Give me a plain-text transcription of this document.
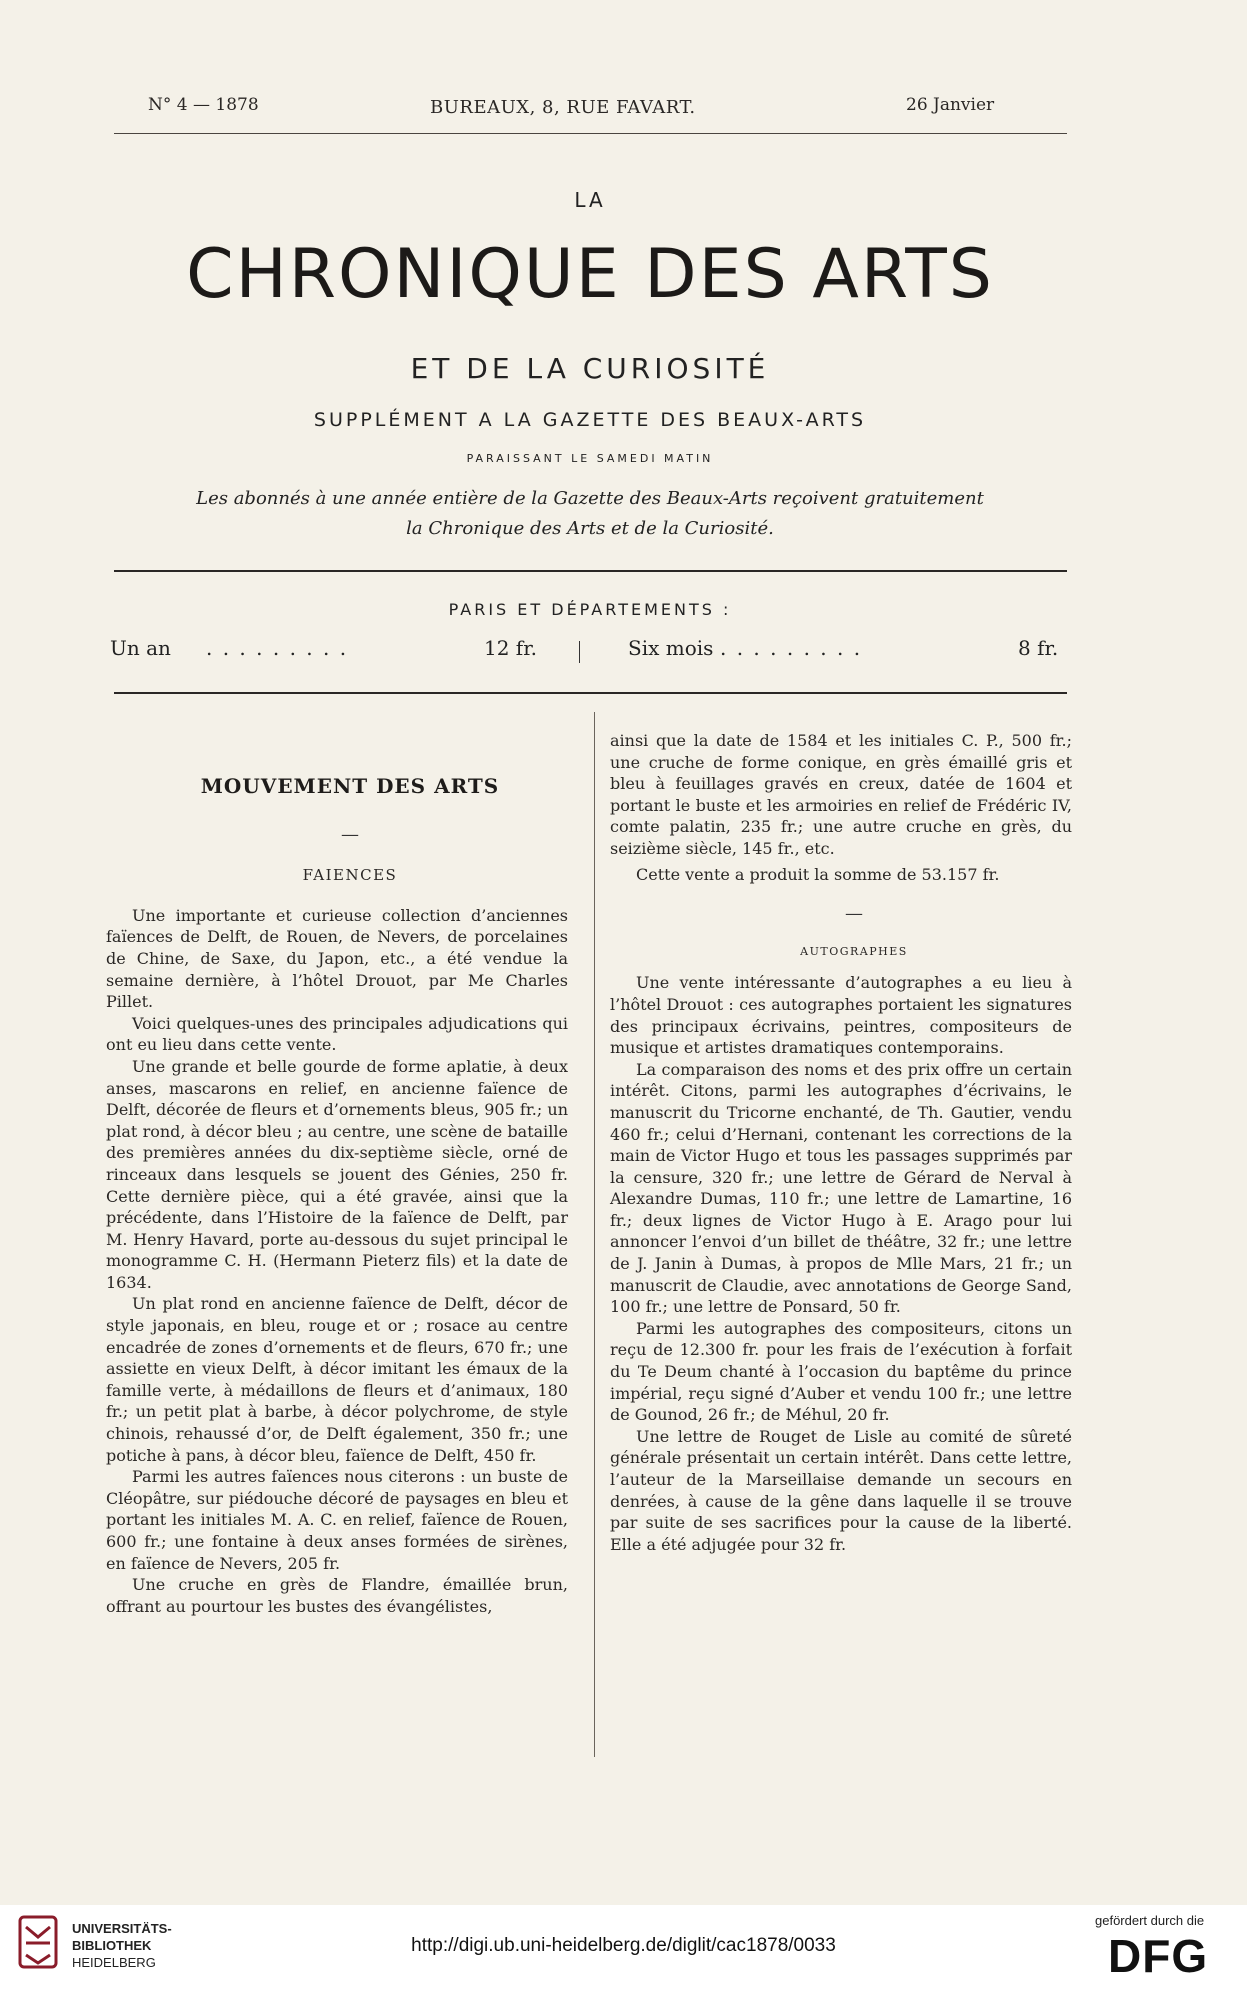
N° 4 — 1878	BUREAUX, 8, RUE FAVART.	26 Janvier
LA
CHRONIQUE DES ARTS
ET DE LA CURIOSITÉ
SUPPLÉMENT A LA GAZETTE DES BEAUX-ARTS
PARAISSANT LE SAMEDI MATIN
Les abonnés à une année entière de la Gazette des Beaux-Arts reçoivent gratuitement
la Chronique des Arts et de la Curiosité.
PARIS ET DÉPARTEMENTS :
Un an . . . . . . . . .	12 fr.	Six mois . . . . . . . . .	8 fr.

MOUVEMENT DES ARTS

—

FAIENCES

Une importante et curieuse collection d’anciennes faïences de Delft, de Rouen, de Nevers, de porcelaines de Chine, de Saxe, du Japon, etc., a été vendue la semaine dernière, à l’hôtel Drouot, par Me Charles Pillet.

Voici quelques-unes des principales adjudications qui ont eu lieu dans cette vente.

Une grande et belle gourde de forme aplatie, à deux anses, mascarons en relief, en ancienne faïence de Delft, décorée de fleurs et d’ornements bleus, 905 fr.; un plat rond, à décor bleu ; au centre, une scène de bataille des premières années du dix-septième siècle, orné de rinceaux dans lesquels se jouent des Génies, 250 fr. Cette dernière pièce, qui a été gravée, ainsi que la précédente, dans l’Histoire de la faïence de Delft, par M. Henry Havard, porte au-dessous du sujet principal le monogramme C. H. (Hermann Pieterz fils) et la date de 1634.

Un plat rond en ancienne faïence de Delft, décor de style japonais, en bleu, rouge et or ; rosace au centre encadrée de zones d’ornements et de fleurs, 670 fr.; une assiette en vieux Delft, à décor imitant les émaux de la famille verte, à médaillons de fleurs et d’animaux, 180 fr.; un petit plat à barbe, à décor polychrome, de style chinois, rehaussé d’or, de Delft également, 350 fr.; une potiche à pans, à décor bleu, faïence de Delft, 450 fr.

Parmi les autres faïences nous citerons : un buste de Cléopâtre, sur piédouche décoré de paysages en bleu et portant les initiales M. A. C. en relief, faïence de Rouen, 600 fr.; une fontaine à deux anses formées de sirènes, en faïence de Nevers, 205 fr.

Une cruche en grès de Flandre, émaillée brun, offrant au pourtour les bustes des évangélistes,

ainsi que la date de 1584 et les initiales C. P., 500 fr.; une cruche de forme conique, en grès émaillé gris et bleu à feuillages gravés en creux, datée de 1604 et portant le buste et les armoiries en relief de Frédéric IV, comte palatin, 235 fr.; une autre cruche en grès, du seizième siècle, 145 fr., etc.

Cette vente a produit la somme de 53.157 fr.

—

AUTOGRAPHES

Une vente intéressante d’autographes a eu lieu à l’hôtel Drouot : ces autographes portaient les signatures des principaux écrivains, peintres, compositeurs de musique et artistes dramatiques contemporains.

La comparaison des noms et des prix offre un certain intérêt. Citons, parmi les autographes d’écrivains, le manuscrit du Tricorne enchanté, de Th. Gautier, vendu 460 fr.; celui d’Hernani, contenant les corrections de la main de Victor Hugo et tous les passages supprimés par la censure, 320 fr.; une lettre de Gérard de Nerval à Alexandre Dumas, 110 fr.; une lettre de Lamartine, 16 fr.; deux lignes de Victor Hugo à E. Arago pour lui annoncer l’envoi d’un billet de théâtre, 32 fr.; une lettre de J. Janin à Dumas, à propos de Mlle Mars, 21 fr.; un manuscrit de Claudie, avec annotations de George Sand, 100 fr.; une lettre de Ponsard, 50 fr.

Parmi les autographes des compositeurs, citons un reçu de 12.300 fr. pour les frais de l’exécution à forfait du Te Deum chanté à l’occasion du baptême du prince impérial, reçu signé d’Auber et vendu 100 fr.; une lettre de Gounod, 26 fr.; de Méhul, 20 fr.

Une lettre de Rouget de Lisle au comité de sûreté générale présentait un certain intérêt. Dans cette lettre, l’auteur de la Marseillaise demande un secours en denrées, à cause de la gêne dans laquelle il se trouve par suite de ses sacrifices pour la cause de la liberté. Elle a été adjugée pour 32 fr.

UNIVERSITÄTS-
BIBLIOTHEK
HEIDELBERG
http://digi.ub.uni-heidelberg.de/diglit/cac1878/0033
gefördert durch die
DFG
